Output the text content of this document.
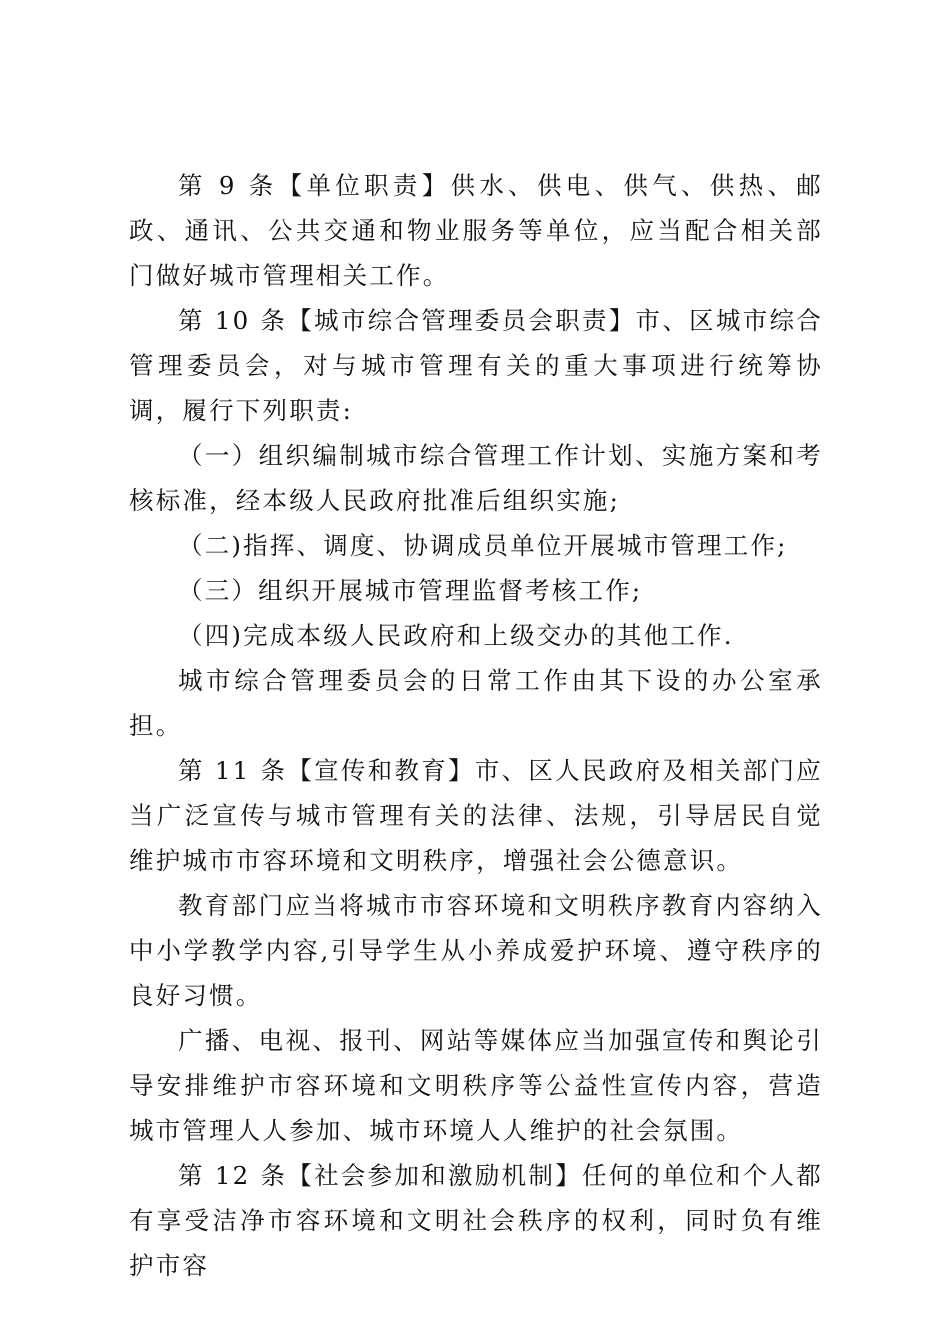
第 9 条【单位职责】供水、供电、供气、供热、邮政、通讯、公共交通和物业服务等单位，应当配合相关部门做好城市管理相关工作。

第 10 条【城市综合管理委员会职责】市、区城市综合管理委员会，对与城市管理有关的重大事项进行统筹协调，履行下列职责:

（一）组织编制城市综合管理工作计划、实施方案和考核标准，经本级人民政府批准后组织实施;

（二)指挥、调度、协调成员单位开展城市管理工作;

（三）组织开展城市管理监督考核工作;

（四)完成本级人民政府和上级交办的其他工作.

城市综合管理委员会的日常工作由其下设的办公室承担。

第 11 条【宣传和教育】市、区人民政府及相关部门应当广泛宣传与城市管理有关的法律、法规，引导居民自觉维护城市市容环境和文明秩序，增强社会公德意识。

教育部门应当将城市市容环境和文明秩序教育内容纳入中小学教学内容,引导学生从小养成爱护环境、遵守秩序的良好习惯。

广播、电视、报刊、网站等媒体应当加强宣传和舆论引导安排维护市容环境和文明秩序等公益性宣传内容，营造城市管理人人参加、城市环境人人维护的社会氛围。

第 12 条【社会参加和激励机制】任何的单位和个人都有享受洁净市容环境和文明社会秩序的权利，同时负有维护市容
